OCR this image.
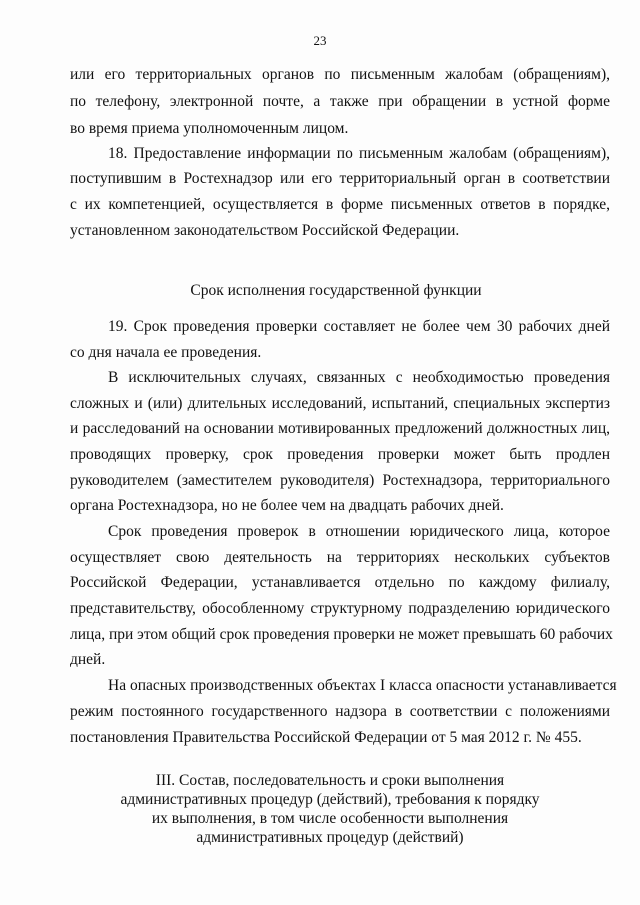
23
или его территориальных органов по письменным жалобам (обращениям),
по телефону, электронной почте, а также при обращении в устной форме
во время приема уполномоченным лицом.
18. Предоставление информации по письменным жалобам (обращениям),
поступившим в Ростехнадзор или его территориальный орган в соответствии
с их компетенцией, осуществляется в форме письменных ответов в порядке,
установленном законодательством Российской Федерации.
Срок исполнения государственной функции
19. Срок проведения проверки составляет не более чем 30 рабочих дней
со дня начала ее проведения.
В исключительных случаях, связанных с необходимостью проведения
сложных и (или) длительных исследований, испытаний, специальных экспертиз
и расследований на основании мотивированных предложений должностных лиц,
проводящих проверку, срок проведения проверки может быть продлен
руководителем (заместителем руководителя) Ростехнадзора, территориального
органа Ростехнадзора, но не более чем на двадцать рабочих дней.
Срок проведения проверок в отношении юридического лица, которое
осуществляет свою деятельность на территориях нескольких субъектов
Российской Федерации, устанавливается отдельно по каждому филиалу,
представительству, обособленному структурному подразделению юридического
лица, при этом общий срок проведения проверки не может превышать 60 рабочих
дней.
На опасных производственных объектах I класса опасности устанавливается
режим постоянного государственного надзора в соответствии с положениями
постановления Правительства Российской Федерации от 5 мая 2012 г. № 455.
III. Состав, последовательность и сроки выполнения
административных процедур (действий), требования к порядку
их выполнения, в том числе особенности выполнения
административных процедур (действий)
